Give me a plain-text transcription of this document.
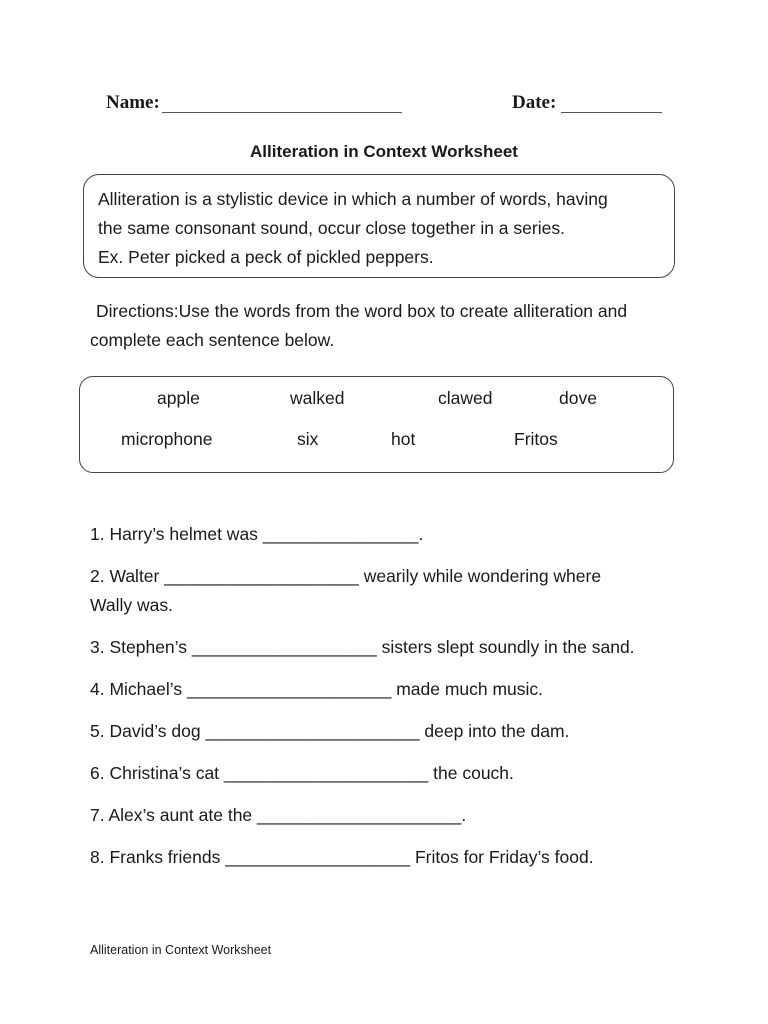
Name:	Date:
Alliteration in Context Worksheet
Alliteration is a stylistic device in which a number of words, having
the same consonant sound, occur close together in a series.
Ex. Peter picked a peck of pickled peppers.
Directions:Use the words from the word box to create alliteration and
complete each sentence below.
apple	walked	clawed	dove
microphone	six	hot	Fritos
1. Harry’s helmet was ________________.
2. Walter ____________________ wearily while wondering where
Wally was.
3. Stephen’s ___________________ sisters slept soundly in the sand.
4. Michael’s _____________________ made much music.
5. David’s dog ______________________ deep into the dam.
6. Christina’s cat _____________________ the couch.
7. Alex’s aunt ate the _____________________.
8. Franks friends ___________________ Fritos for Friday’s food.
Alliteration in Context Worksheet
